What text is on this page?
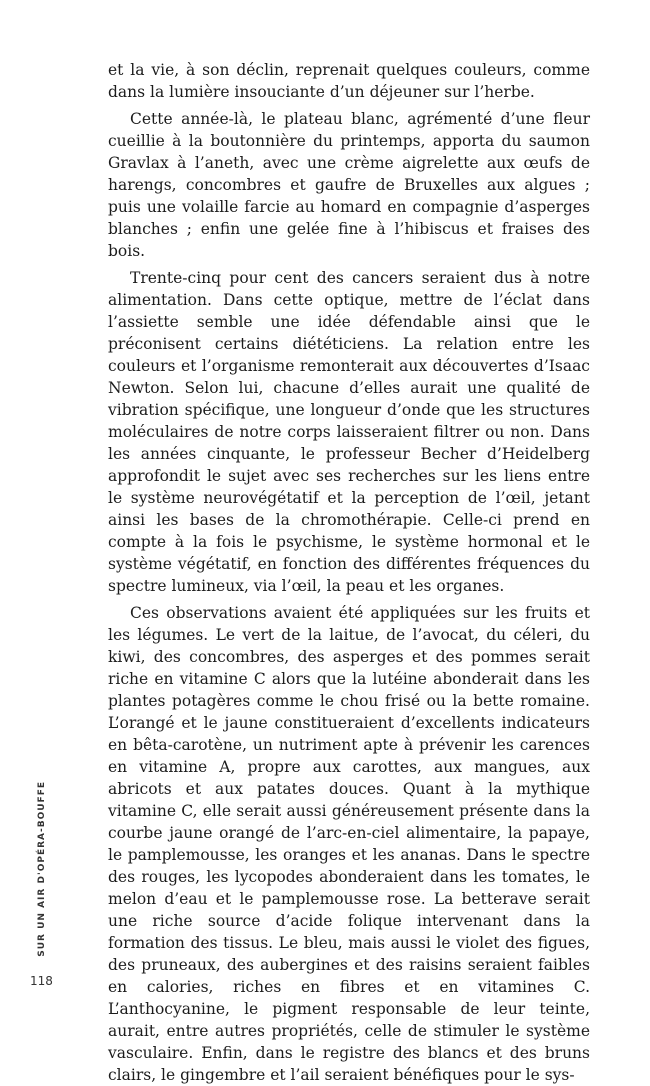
et la vie, à son déclin, reprenait quelques couleurs, comme dans la lumière insouciante d’un déjeuner sur l’herbe.

Cette année-là, le plateau blanc, agrémenté d’une fleur cueillie à la boutonnière du printemps, apporta du saumon Gravlax à l’aneth, avec une crème aigrelette aux œufs de harengs, concombres et gaufre de Bruxelles aux algues ; puis une volaille farcie au homard en compagnie d’asperges blanches ; enfin une gelée fine à l’hibiscus et fraises des bois.

Trente-cinq pour cent des cancers seraient dus à notre alimentation. Dans cette optique, mettre de l’éclat dans l’assiette semble une idée défendable ainsi que le préconisent certains diététiciens. La relation entre les couleurs et l’organisme remonterait aux découvertes d’Isaac Newton. Selon lui, chacune d’elles aurait une qualité de vibration spécifique, une longueur d’onde que les structures moléculaires de notre corps laisseraient filtrer ou non. Dans les années cinquante, le professeur Becher d’Heidelberg approfondit le sujet avec ses recherches sur les liens entre le système neurovégétatif et la perception de l’œil, jetant ainsi les bases de la chromothérapie. Celle-ci prend en compte à la fois le psychisme, le système hormonal et le système végétatif, en fonction des différentes fréquences du spectre lumineux, via l’œil, la peau et les organes.

Ces observations avaient été appliquées sur les fruits et les légumes. Le vert de la laitue, de l’avocat, du céleri, du kiwi, des concombres, des asperges et des pommes serait riche en vitamine C alors que la lutéine abonderait dans les plantes potagères comme le chou frisé ou la bette romaine. L’orangé et le jaune constitueraient d’excellents indicateurs en bêta-carotène, un nutriment apte à prévenir les carences en vitamine A, propre aux carottes, aux mangues, aux abricots et aux patates douces. Quant à la mythique vitamine C, elle serait aussi généreusement présente dans la courbe jaune orangé de l’arc-en-ciel alimentaire, la papaye, le pamplemousse, les oranges et les ananas. Dans le spectre des rouges, les lycopodes abonderaient dans les tomates, le melon d’eau et le pamplemousse rose. La betterave serait une riche source d’acide folique intervenant dans la formation des tissus. Le bleu, mais aussi le violet des figues, des pruneaux, des aubergines et des raisins seraient faibles en calories, riches en fibres et en vitamines C. L’anthocyanine, le pigment responsable de leur teinte, aurait, entre autres propriétés, celle de stimuler le système vasculaire. Enfin, dans le registre des blancs et des bruns clairs, le gingembre et l’ail seraient bénéfiques pour le sys-

SUR UN AIR D'OPÉRA-BOUFFE
118
